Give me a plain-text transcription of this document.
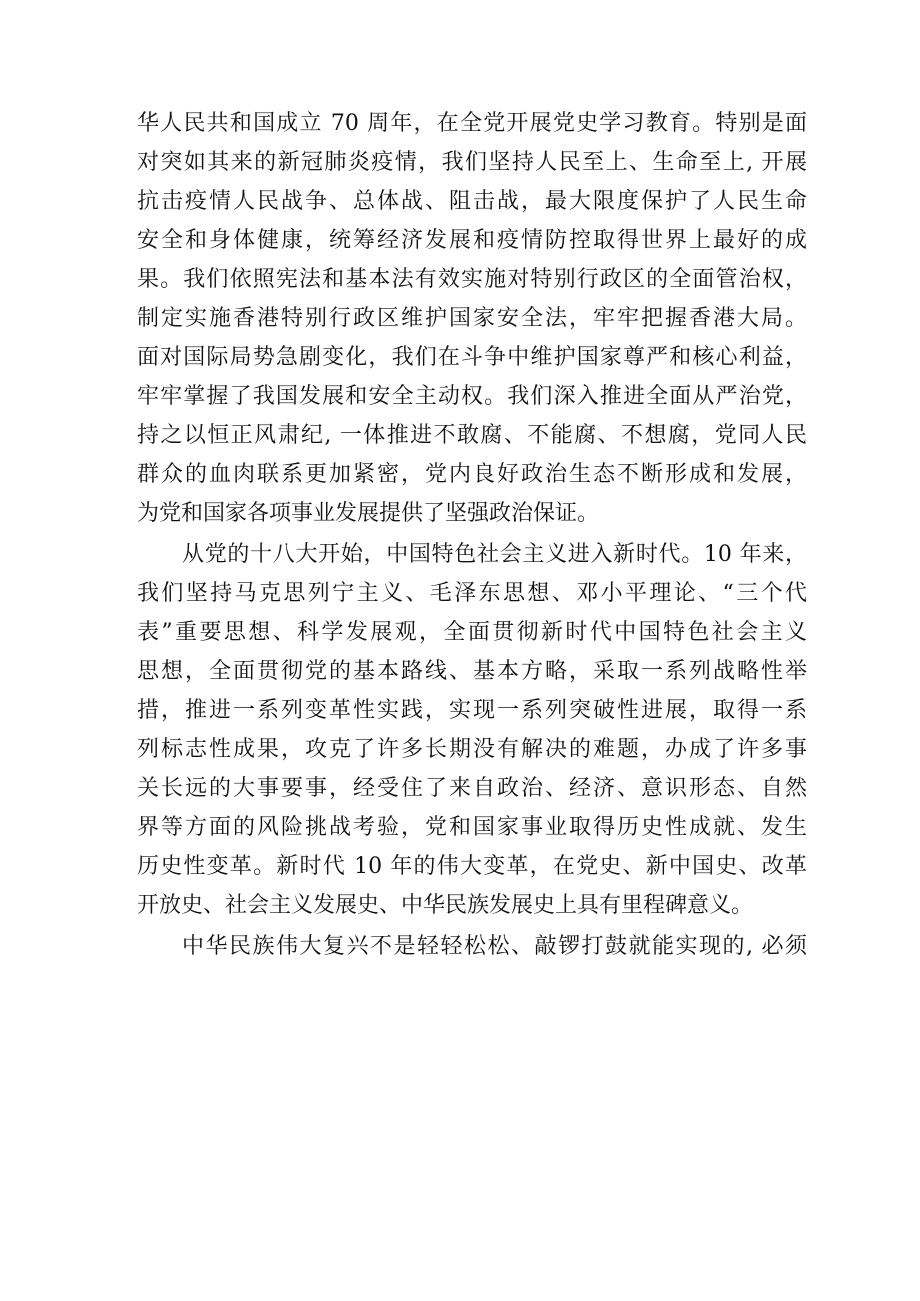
华人民共和国成立 70 周年，在全党开展党史学习教育。特别是面
对突如其来的新冠肺炎疫情，我们坚持人民至上、生命至上, 开展
抗击疫情人民战争、总体战、阻击战，最大限度保护了人民生命
安全和身体健康，统筹经济发展和疫情防控取得世界上最好的成
果。我们依照宪法和基本法有效实施对特别行政区的全面管治权，
制定实施香港特别行政区维护国家安全法，牢牢把握香港大局。
面对国际局势急剧变化，我们在斗争中维护国家尊严和核心利益，
牢牢掌握了我国发展和安全主动权。我们深入推进全面从严治党，
持之以恒正风肃纪, 一体推进不敢腐、不能腐、不想腐，党同人民
群众的血肉联系更加紧密，党内良好政治生态不断形成和发展，
为党和国家各项事业发展提供了坚强政治保证。
从党的十八大开始，中国特色社会主义进入新时代。10 年来，
我们坚持马克思列宁主义、毛泽东思想、邓小平理论、“三个代
表”重要思想、科学发展观，全面贯彻新时代中国特色社会主义
思想，全面贯彻党的基本路线、基本方略，采取一系列战略性举
措，推进一系列变革性实践，实现一系列突破性进展，取得一系
列标志性成果，攻克了许多长期没有解决的难题，办成了许多事
关长远的大事要事，经受住了来自政治、经济、意识形态、自然
界等方面的风险挑战考验，党和国家事业取得历史性成就、发生
历史性变革。新时代 10 年的伟大变革，在党史、新中国史、改革
开放史、社会主义发展史、中华民族发展史上具有里程碑意义。
中华民族伟大复兴不是轻轻松松、敲锣打鼓就能实现的, 必须
